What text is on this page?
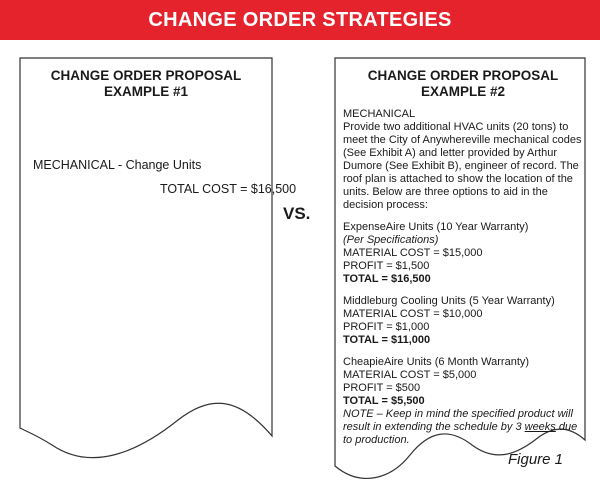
CHANGE ORDER STRATEGIES

CHANGE ORDER PROPOSAL
EXAMPLE #1

MECHANICAL - Change Units
TOTAL COST = $16,500
VS.

CHANGE ORDER PROPOSAL
EXAMPLE #2

MECHANICAL

Provide two additional HVAC units (20 tons) to meet the City of Anywhereville mechanical codes (See Exhibit A) and letter provided by Arthur Dumore (See Exhibit B), engineer of record. The roof plan is attached to show the location of the units. Below are three options to aid in the decision process:

ExpenseAire Units (10 Year Warranty)

(Per Specifications)

MATERIAL COST = $15,000

PROFIT = $1,500

TOTAL = $16,500

Middleburg Cooling Units (5 Year Warranty)

MATERIAL COST = $10,000

PROFIT = $1,000

TOTAL = $11,000

CheapieAire Units (6 Month Warranty)

MATERIAL COST = $5,000

PROFIT = $500

TOTAL = $5,500

NOTE – Keep in mind the specified product will result in extending the schedule by 3 weeks due to production.

Figure 1
